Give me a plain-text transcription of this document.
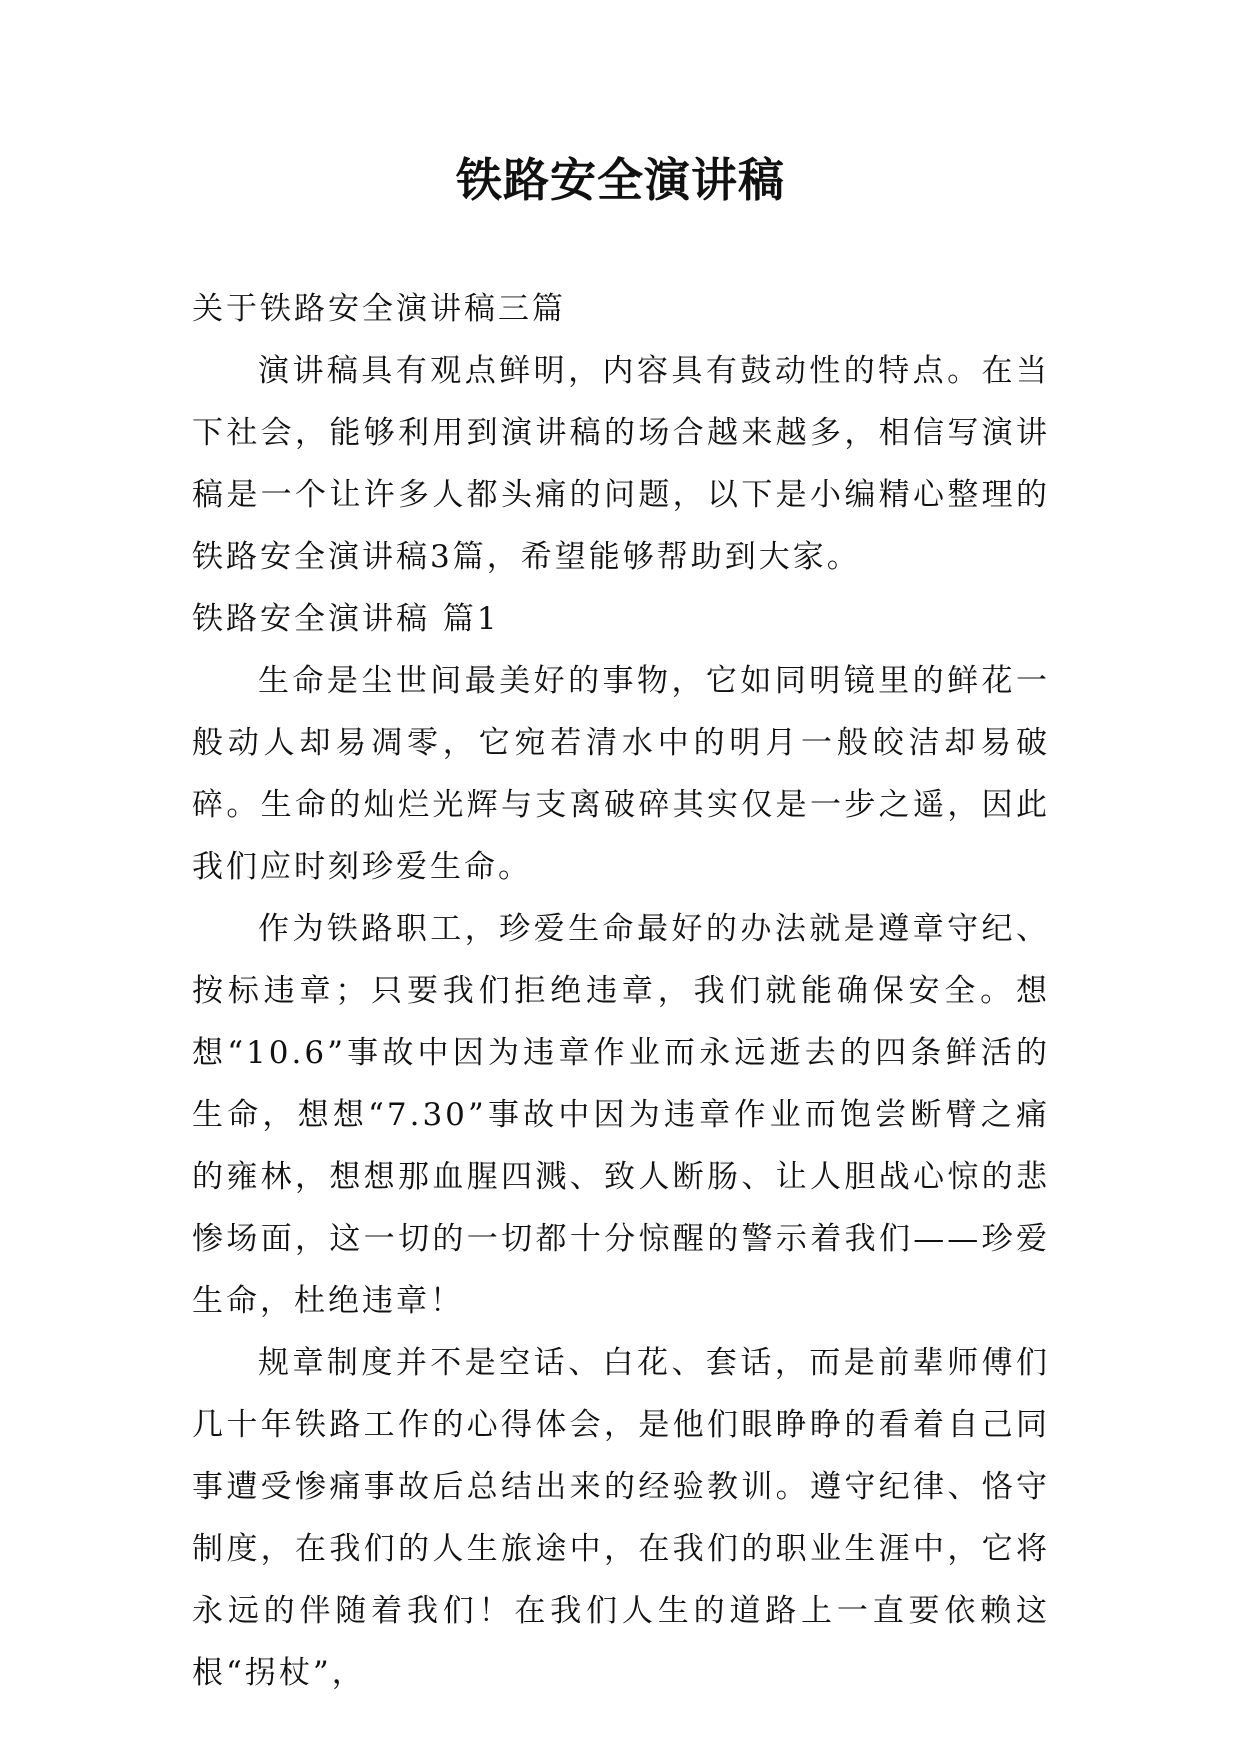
铁路安全演讲稿

关于铁路安全演讲稿三篇

演讲稿具有观点鲜明，内容具有鼓动性的特点。在当下社会，能够利用到演讲稿的场合越来越多，相信写演讲稿是一个让许多人都头痛的问题，以下是小编精心整理的铁路安全演讲稿3篇，希望能够帮助到大家。

铁路安全演讲稿 篇1

生命是尘世间最美好的事物，它如同明镜里的鲜花一般动人却易凋零，它宛若清水中的明月一般皎洁却易破碎。生命的灿烂光辉与支离破碎其实仅是一步之遥，因此我们应时刻珍爱生命。

作为铁路职工，珍爱生命最好的办法就是遵章守纪、按标违章；只要我们拒绝违章，我们就能确保安全。想想“10.6”事故中因为违章作业而永远逝去的四条鲜活的生命，想想“7.30”事故中因为违章作业而饱尝断臂之痛的雍林，想想那血腥四溅、致人断肠、让人胆战心惊的悲惨场面，这一切的一切都十分惊醒的警示着我们——珍爱生命，杜绝违章！

规章制度并不是空话、白花、套话，而是前辈师傅们几十年铁路工作的心得体会，是他们眼睁睁的看着自己同事遭受惨痛事故后总结出来的经验教训。遵守纪律、恪守制度，在我们的人生旅途中，在我们的职业生涯中，它将永远的伴随着我们！在我们人生的道路上一直要依赖这根“拐杖”，
